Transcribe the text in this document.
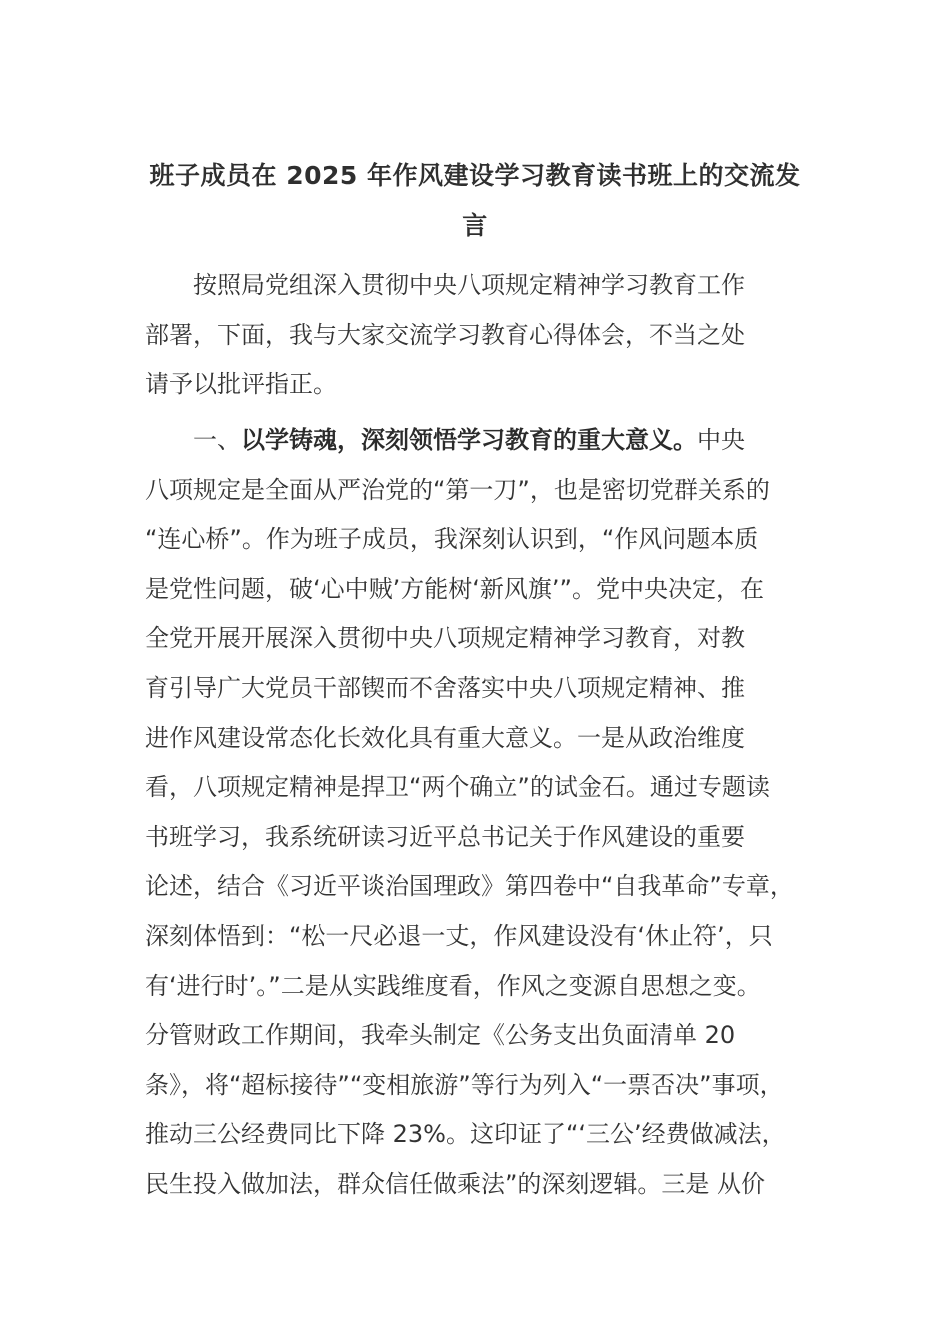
班子成员在 2025 年作风建设学习教育读书班上的交流发
言
按照局党组深入贯彻中央八项规定精神学习教育工作
部署，下面，我与大家交流学习教育心得体会，不当之处
请予以批评指正。
一、以学铸魂，深刻领悟学习教育的重大意义。中央
八项规定是全面从严治党的“第一刀”，也是密切党群关系的
“连心桥”。作为班子成员，我深刻认识到，“作风问题本质
是党性问题，破‘心中贼’方能树‘新风旗’”。党中央决定，在
全党开展开展深入贯彻中央八项规定精神学习教育，对教
育引导广大党员干部锲而不舍落实中央八项规定精神、推
进作风建设常态化长效化具有重大意义。一是从政治维度
看，八项规定精神是捍卫“两个确立”的试金石。通过专题读
书班学习，我系统研读习近平总书记关于作风建设的重要
论述，结合《习近平谈治国理政》第四卷中“自我革命”专章，
深刻体悟到：“松一尺必退一丈，作风建设没有‘休止符’，只
有‘进行时’。”二是从实践维度看，作风之变源自思想之变。
分管财政工作期间，我牵头制定《公务支出负面清单 20
条》，将“超标接待”“变相旅游”等行为列入“一票否决”事项，
推动三公经费同比下降 23%。这印证了“‘三公’经费做减法，
民生投入做加法，群众信任做乘法”的深刻逻辑。三是 从价
